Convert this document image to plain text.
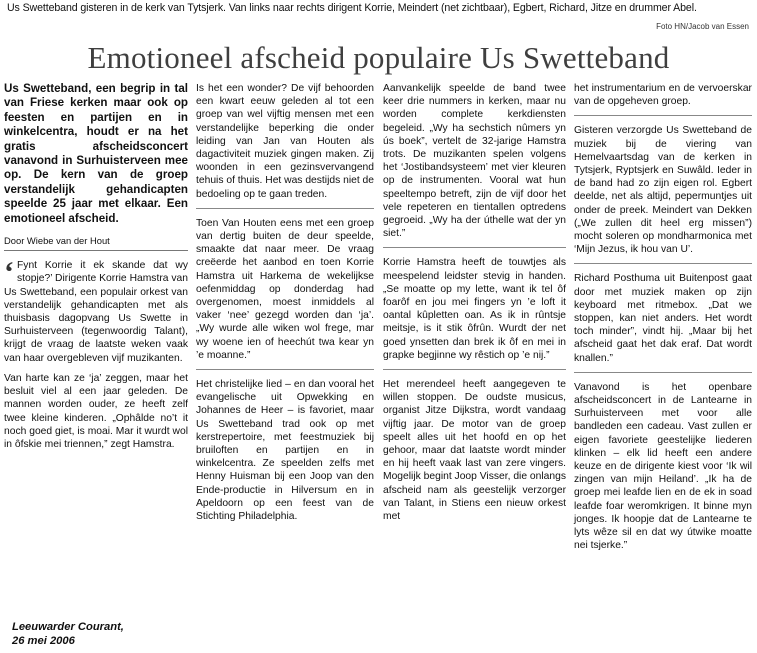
Us Swetteband gisteren in de kerk van Tytsjerk. Van links naar rechts dirigent Korrie, Meindert (net zichtbaar), Egbert, Richard, Jitze en drummer Abel.
Foto HN/Jacob van Essen
Emotioneel afscheid populaire Us Swetteband

Us Swetteband, een begrip in tal van Friese kerken maar ook op feesten en partijen en in winkelcentra, houdt er na het gratis afscheidsconcert vanavond in Surhuisterveen mee op. De kern van de groep verstandelijk gehandicapten speelde 25 jaar met elkaar. Een emotioneel afscheid.

Door Wiebe van der Hout

‘ Fynt Korrie it ek skande dat wy stopje?’ Dirigente Korrie Hamstra van Us Swetteband, een populair orkest van verstandelijk gehandicapten met als thuisbasis dagopvang Us Swette in Surhuisterveen (tegenwoordig Talant), krijgt de vraag de laatste weken vaak van haar overgebleven vijf muzikanten.

Van harte kan ze ‘ja’ zeggen, maar het besluit viel al een jaar geleden. De mannen worden ouder, ze heeft zelf twee kleine kinderen. „Ophâlde no’t it noch goed giet, is moai. Mar it wurdt wol in ôfskie mei triennen,” zegt Hamstra.

Is het een wonder? De vijf behoorden een kwart eeuw geleden al tot een groep van wel vijftig mensen met een verstandelijke beperking die onder leiding van Jan van Houten als dagactiviteit muziek gingen maken. Zij woonden in een gezinsvervangend tehuis of thuis. Het was destijds niet de bedoeling op te gaan treden.

Toen Van Houten eens met een groep van dertig buiten de deur speelde, smaakte dat naar meer. De vraag creëerde het aanbod en toen Korrie Hamstra uit Harkema de wekelijkse oefenmiddag op donderdag had overgenomen, moest inmiddels al vaker ‘nee’ gezegd worden dan ‘ja’. „Wy wurde alle wiken wol frege, mar wy woene ien of heechút twa kear yn ’e moanne.”

Het christelijke lied – en dan vooral het evangelische uit Opwekking en Johannes de Heer – is favoriet, maar Us Swetteband trad ook op met kerstrepertoire, met feestmuziek bij bruiloften en partijen en in winkelcentra. Ze speelden zelfs met Henny Huisman bij een Joop van den Ende-productie in Hilversum en in Apeldoorn op een feest van de Stichting Philadelphia.

Aanvankelijk speelde de band twee keer drie nummers in kerken, maar nu worden complete kerkdiensten begeleid. „Wy ha sechstich nûmers yn ús boek”, vertelt de 32-jarige Hamstra trots. De muzikanten spelen volgens het ‘Jostibandsysteem’ met vier kleuren op de instrumenten. Vooral wat hun speeltempo betreft, zijn de vijf door het vele repeteren en tientallen optredens gegroeid. „Wy ha der úthelle wat der yn siet.”

Korrie Hamstra heeft de touwtjes als meespelend leidster stevig in handen. „Se moatte op my lette, want ik tel ôf foarôf en jou mei fingers yn ’e loft it oantal kûpletten oan. As ik in rûntsje meitsje, is it stik ôfrûn. Wurdt der net goed ynsetten dan brek ik ôf en mei in grapke begjinne wy rêstich op ’e nij.”

Het merendeel heeft aangegeven te willen stoppen. De oudste musicus, organist Jitze Dijkstra, wordt vandaag vijftig jaar. De motor van de groep speelt alles uit het hoofd en op het gehoor, maar dat laatste wordt minder en hij heeft vaak last van zere vingers. Mogelijk begint Joop Visser, die onlangs afscheid nam als geestelijk verzorger van Talant, in Stiens een nieuw orkest met

het instrumentarium en de vervoerskar van de opgeheven groep.

Gisteren verzorgde Us Swetteband de muziek bij de viering van Hemelvaartsdag van de kerken in Tytsjerk, Ryptsjerk en Suwâld. Ieder in de band had zo zijn eigen rol. Egbert deelde, net als altijd, pepermuntjes uit onder de preek. Meindert van Dekken („We zullen dit heel erg missen”) mocht soleren op mondharmonica met ‘Mijn Jezus, ik hou van U’.

Richard Posthuma uit Buitenpost gaat door met muziek maken op zijn keyboard met ritmebox. „Dat we stoppen, kan niet anders. Het wordt toch minder”, vindt hij. „Maar bij het afscheid gaat het dak eraf. Dat wordt knallen.”

Vanavond is het openbare afscheidsconcert in de Lantearne in Surhuisterveen met voor alle bandleden een cadeau. Vast zullen er eigen favoriete geestelijke liederen klinken – elk lid heeft een andere keuze en de dirigente kiest voor ‘Ik wil zingen van mijn Heiland’. „Ik ha de groep mei leafde lien en de ek in soad leafde foar weromkrigen. It binne myn jonges. Ik hoopje dat de Lantearne te lyts wêze sil en dat wy útwike moatte nei tsjerke.”

Leeuwarder Courant,
26 mei 2006
